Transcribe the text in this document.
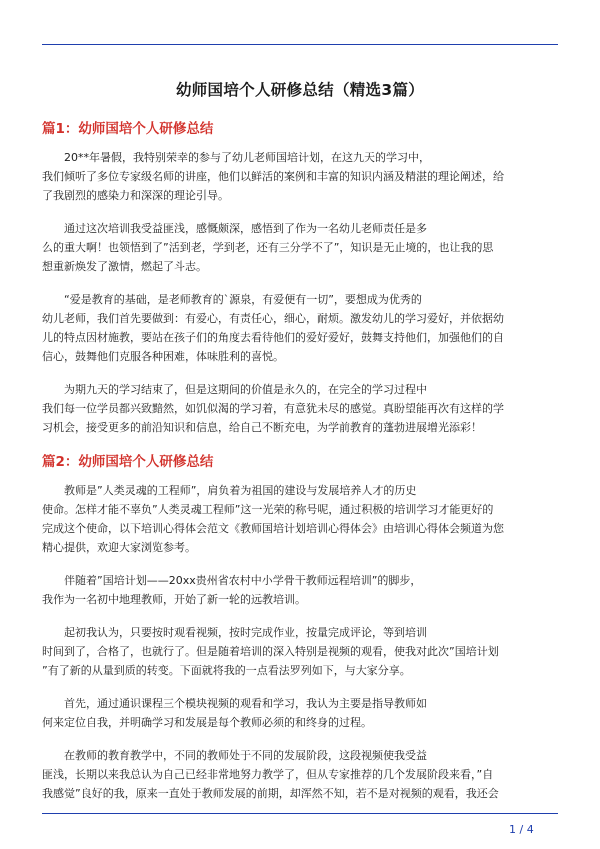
幼师国培个人研修总结（精选3篇）
篇1：幼师国培个人研修总结

20**年暑假，我特别荣幸的参与了幼儿老师国培计划，在这九天的学习中，
我们倾听了多位专家级名师的讲座，他们以鲜活的案例和丰富的知识内涵及精湛的理论阐述，给
了我剧烈的感染力和深深的理论引导。

通过这次培训我受益匪浅，感慨颇深，感悟到了作为一名幼儿老师责任是多
么的重大啊！也领悟到了”活到老，学到老，还有三分学不了”，知识是无止境的，也让我的思
想重新焕发了激情，燃起了斗志。

“爱是教育的基础，是老师教育的`源泉，有爱便有一切”，要想成为优秀的
幼儿老师，我们首先要做到：有爱心，有责任心，细心，耐烦。激发幼儿的学习爱好，并依据幼
儿的特点因材施教，要站在孩子们的角度去看待他们的爱好爱好，鼓舞支持他们，加强他们的自
信心，鼓舞他们克服各种困难，体味胜利的喜悦。

为期九天的学习结束了，但是这期间的价值是永久的，在完全的学习过程中
我们每一位学员都兴致黯然，如饥似渴的学习着，有意犹未尽的感觉。真盼望能再次有这样的学
习机会，接受更多的前沿知识和信息，给自己不断充电，为学前教育的蓬勃进展增光添彩！

篇2：幼师国培个人研修总结

教师是”人类灵魂的工程师”，肩负着为祖国的建设与发展培养人才的历史
使命。怎样才能不辜负”人类灵魂工程师”这一光荣的称号呢，通过积极的培训学习才能更好的
完成这个使命，以下培训心得体会范文《教师国培计划培训心得体会》由培训心得体会频道为您
精心提供，欢迎大家浏览参考。

伴随着”国培计划——20xx贵州省农村中小学骨干教师远程培训”的脚步，
我作为一名初中地理教师，开始了新一轮的远教培训。

起初我认为，只要按时观看视频，按时完成作业，按量完成评论，等到培训
时间到了，合格了，也就行了。但是随着培训的深入特别是视频的观看，使我对此次”国培计划
”有了新的从量到质的转变。下面就将我的一点看法罗列如下，与大家分享。

首先，通过通识课程三个模块视频的观看和学习，我认为主要是指导教师如
何来定位自我，并明确学习和发展是每个教师必须的和终身的过程。

在教师的教育教学中，不同的教师处于不同的发展阶段，这段视频使我受益
匪浅，长期以来我总认为自己已经非常地努力教学了，但从专家推荐的几个发展阶段来看，”自
我感觉”良好的我，原来一直处于教师发展的前期，却浑然不知，若不是对视频的观看，我还会

1 / 4
